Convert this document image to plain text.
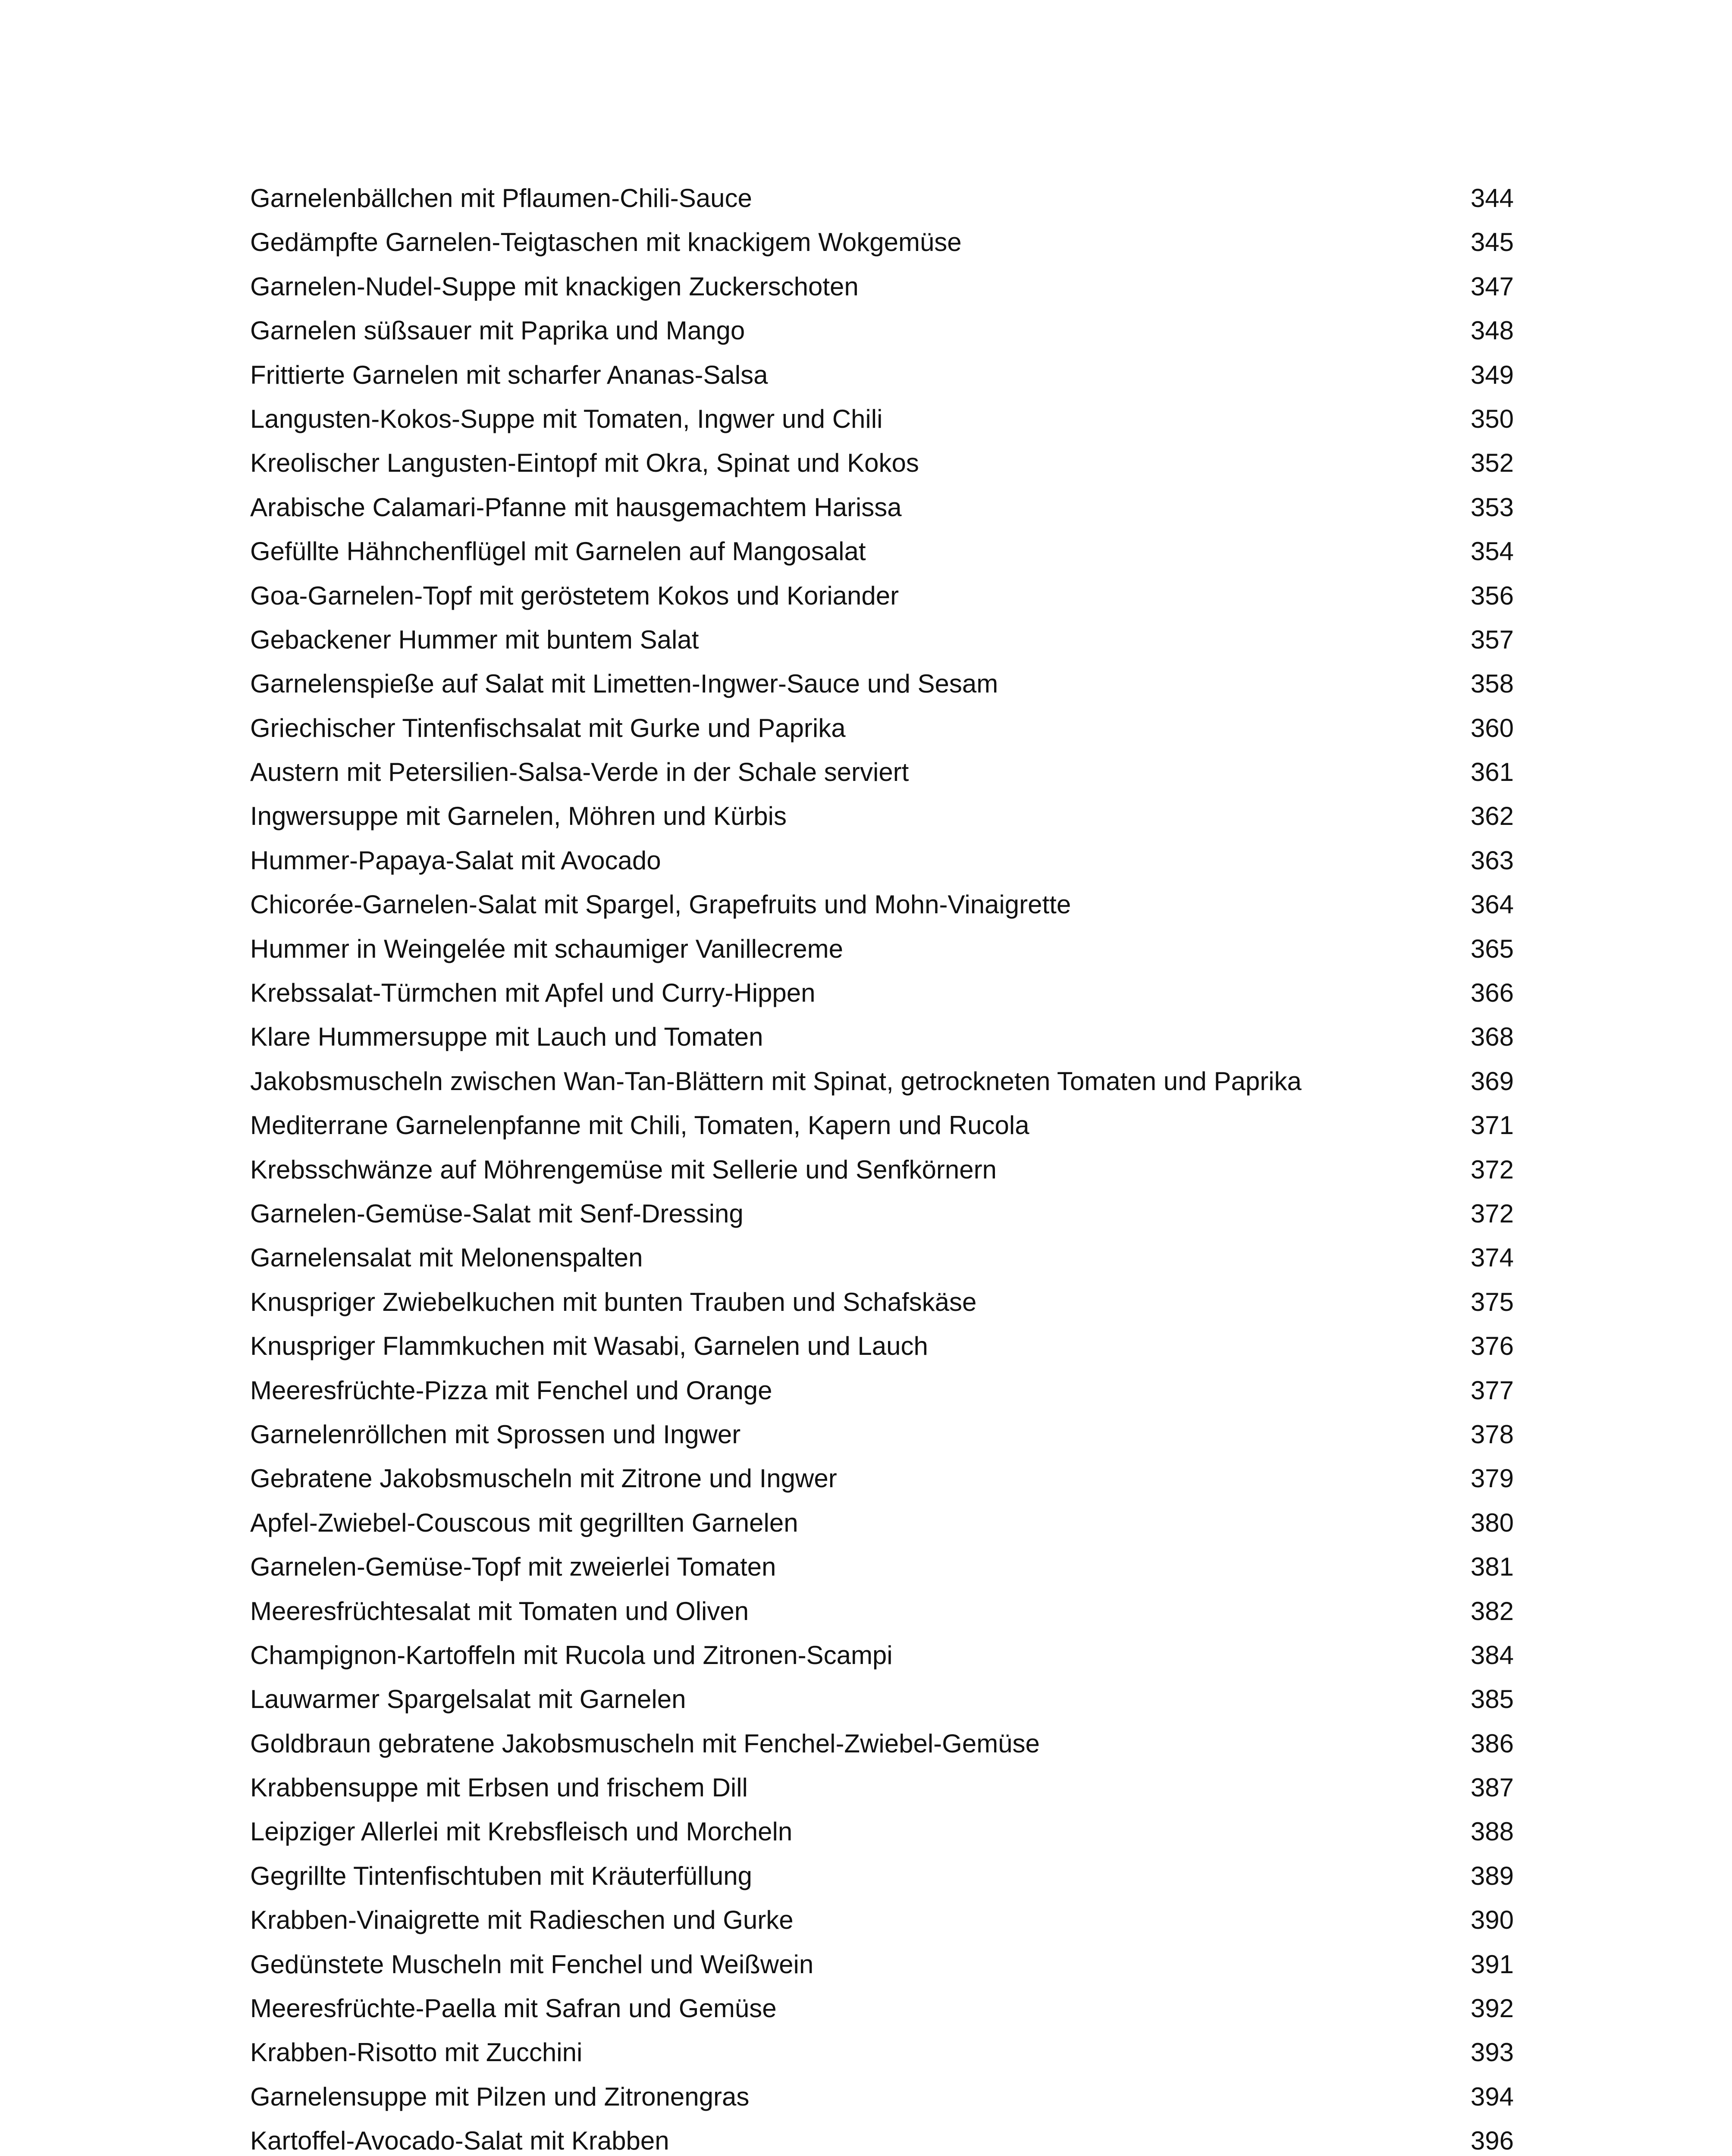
Garnelenbällchen mit Pflaumen-Chili-Sauce	344
Gedämpfte Garnelen-Teigtaschen mit knackigem Wokgemüse	345
Garnelen-Nudel-Suppe mit knackigen Zuckerschoten	347
Garnelen süßsauer mit Paprika und Mango	348
Frittierte Garnelen mit scharfer Ananas-Salsa	349
Langusten-Kokos-Suppe mit Tomaten, Ingwer und Chili	350
Kreolischer Langusten-Eintopf mit Okra, Spinat und Kokos	352
Arabische Calamari-Pfanne mit hausgemachtem Harissa	353
Gefüllte Hähnchenflügel mit Garnelen auf Mangosalat	354
Goa-Garnelen-Topf mit geröstetem Kokos und Koriander	356
Gebackener Hummer mit buntem Salat	357
Garnelenspieße auf Salat mit Limetten-Ingwer-Sauce und Sesam	358
Griechischer Tintenfischsalat mit Gurke und Paprika	360
Austern mit Petersilien-Salsa-Verde in der Schale serviert	361
Ingwersuppe mit Garnelen, Möhren und Kürbis	362
Hummer-Papaya-Salat mit Avocado	363
Chicorée-Garnelen-Salat mit Spargel, Grapefruits und Mohn-Vinaigrette	364
Hummer in Weingelée mit schaumiger Vanillecreme	365
Krebssalat-Türmchen mit Apfel und Curry-Hippen	366
Klare Hummersuppe mit Lauch und Tomaten	368
Jakobsmuscheln zwischen Wan-Tan-Blättern mit Spinat, getrockneten Tomaten und Paprika	369
Mediterrane Garnelenpfanne mit Chili, Tomaten, Kapern und Rucola	371
Krebsschwänze auf Möhrengemüse mit Sellerie und Senfkörnern	372
Garnelen-Gemüse-Salat mit Senf-Dressing	372
Garnelensalat mit Melonenspalten	374
Knuspriger Zwiebelkuchen mit bunten Trauben und Schafskäse	375
Knuspriger Flammkuchen mit Wasabi, Garnelen und Lauch	376
Meeresfrüchte-Pizza mit Fenchel und Orange	377
Garnelenröllchen mit Sprossen und Ingwer	378
Gebratene Jakobsmuscheln mit Zitrone und Ingwer	379
Apfel-Zwiebel-Couscous mit gegrillten Garnelen	380
Garnelen-Gemüse-Topf mit zweierlei Tomaten	381
Meeresfrüchtesalat mit Tomaten und Oliven	382
Champignon-Kartoffeln mit Rucola und Zitronen-Scampi	384
Lauwarmer Spargelsalat mit Garnelen	385
Goldbraun gebratene Jakobsmuscheln mit Fenchel-Zwiebel-Gemüse	386
Krabbensuppe mit Erbsen und frischem Dill	387
Leipziger Allerlei mit Krebsfleisch und Morcheln	388
Gegrillte Tintenfischtuben mit Kräuterfüllung	389
Krabben-Vinaigrette mit Radieschen und Gurke	390
Gedünstete Muscheln mit Fenchel und Weißwein	391
Meeresfrüchte-Paella mit Safran und Gemüse	392
Krabben-Risotto mit Zucchini	393
Garnelensuppe mit Pilzen und Zitronengras	394
Kartoffel-Avocado-Salat mit Krabben	396
